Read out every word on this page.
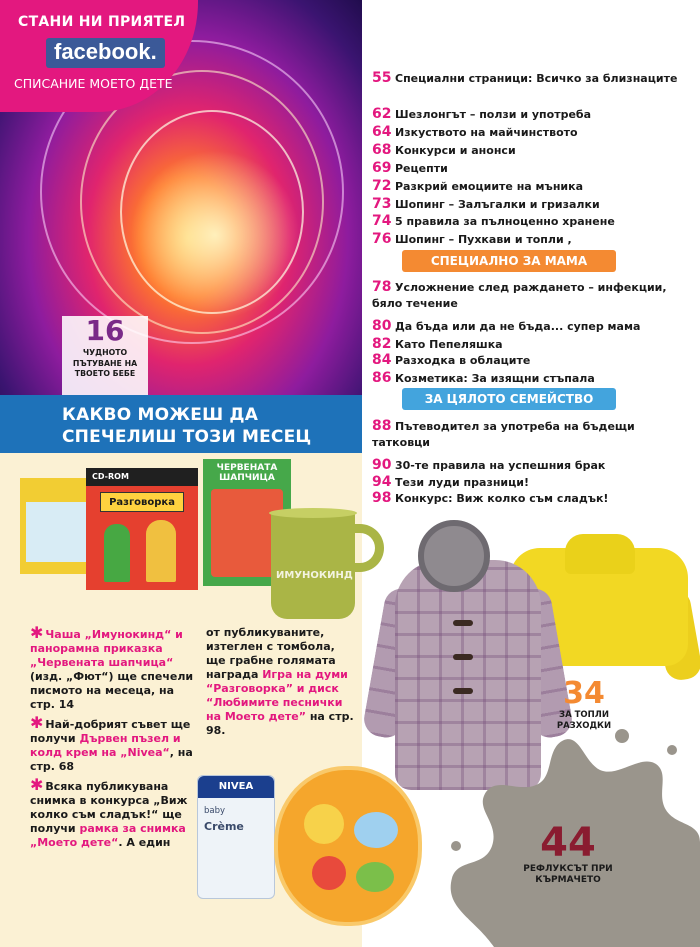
СТАНИ НИ ПРИЯТЕЛ
facebook.
СПИСАНИЕ МОЕТО ДЕТЕ
16
ЧУДНОТО ПЪТУВАНЕ НА ТВОЕТО БЕБЕ
КАКВО МОЖЕШ ДА
СПЕЧЕЛИШ ТОЗИ МЕСЕЦ
CD-ROM
Разговорка
ЧЕРВЕНАТА ШАПЧИЦА
ИМУНОКИНД

✱ Чаша „Имунокинд“ и панорамна приказка „Червената шапчица“ (изд. „Фют“) ще спечели писмото на месеца, на стр. 14

✱ Най-добрият съвет ще получи Дървен пъзел и колд крем на „Nivea“, на стр. 68

✱ Всяка публикувана снимка в конкурса „Виж колко съм сладък!“ ще получи рамка за снимка „Моето дете“. А един

от публикуваните, изтеглен с томбола, ще грабне голямата награда Игра на думи “Разговорка” и диск “Любимите песнички на Моето дете” на стр. 98.

NIVEA
baby
Crème
СПЕЦИАЛНО ЗА МАМА
ЗА ЦЯЛОТО СЕМЕЙСТВО
34
ЗА ТОПЛИ РАЗХОДКИ
44
РЕФЛУКСЪТ ПРИ КЪРМАЧЕТО
55 Специални страници: Всичко за близнаците
62 Шезлонгът – ползи и употреба
64 Изкуството на майчинството
68 Конкурси и анонси
69 Рецепти
72 Разкрий емоциите на мъника
73 Шопинг – Залъгалки и гризалки
74 5 правила за пълноценно хранене
76 Шопинг – Пухкави и топли ,
78 Усложнение след раждането – инфекции, бяло течение
80 Да бъда или да не бъда... супер мама
82 Като Пепеляшка
84 Разходка в облаците
86 Козметика: За изящни стъпала
88 Пътеводител за употреба на бъдещи татковци
90 30-те правила на успешния брак
94 Тези луди празници!
98 Конкурс: Виж колко съм сладък!
